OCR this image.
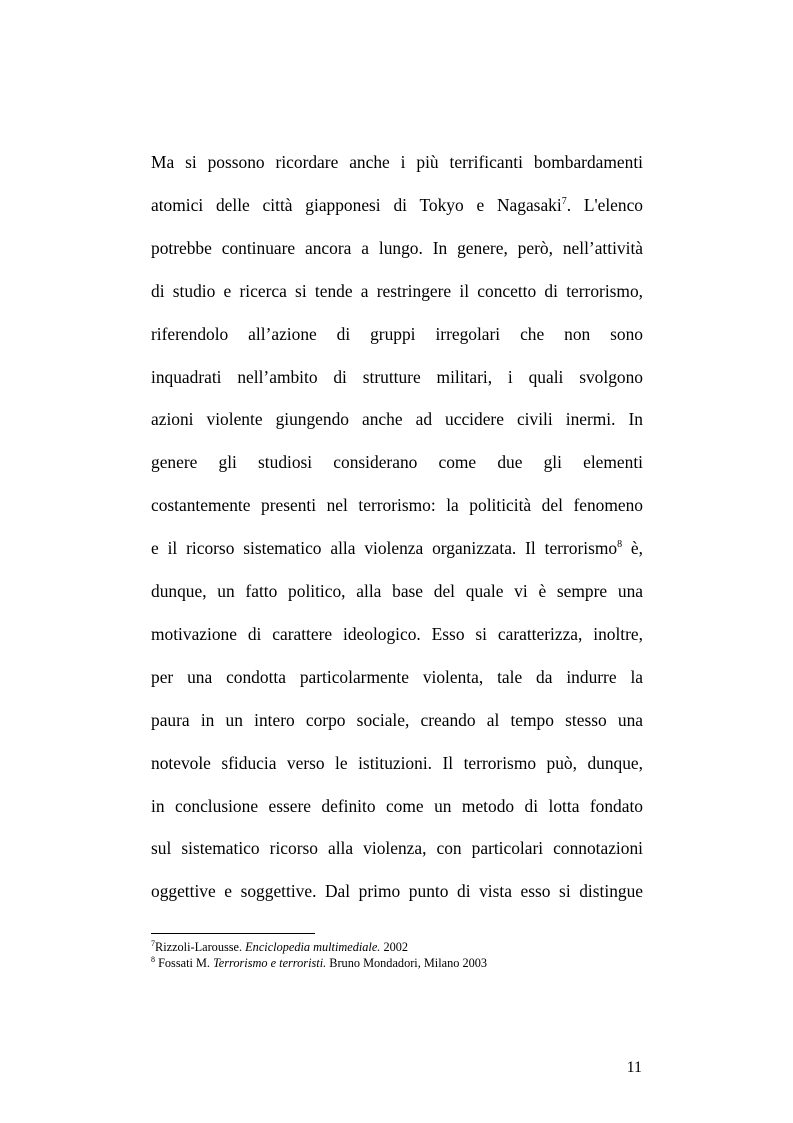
Ma si possono ricordare anche i più terrificanti bombardamenti
atomici delle città giapponesi di Tokyo e Nagasaki$^7$. L'elenco
potrebbe continuare ancora a lungo. In genere, però, nell’attività
di studio e ricerca si tende a restringere il concetto di terrorismo,
riferendolo all’azione di gruppi irregolari che non sono
inquadrati nell’ambito di strutture militari, i quali svolgono
azioni violente giungendo anche ad uccidere civili inermi. In
genere gli studiosi considerano come due gli elementi
costantemente presenti nel terrorismo: la politicità del fenomeno
e il ricorso sistematico alla violenza organizzata. Il terrorismo$^8$ è,
dunque, un fatto politico, alla base del quale vi è sempre una
motivazione di carattere ideologico. Esso si caratterizza, inoltre,
per una condotta particolarmente violenta, tale da indurre la
paura in un intero corpo sociale, creando al tempo stesso una
notevole sfiducia verso le istituzioni. Il terrorismo può, dunque,
in conclusione essere definito come un metodo di lotta fondato
sul sistematico ricorso alla violenza, con particolari connotazioni
oggettive e soggettive. Dal primo punto di vista esso si distingue
$^7$Rizzoli-Larousse. Enciclopedia multimediale. 2002
$^8$ Fossati M. Terrorismo e terroristi. Bruno Mondadori, Milano 2003
11
